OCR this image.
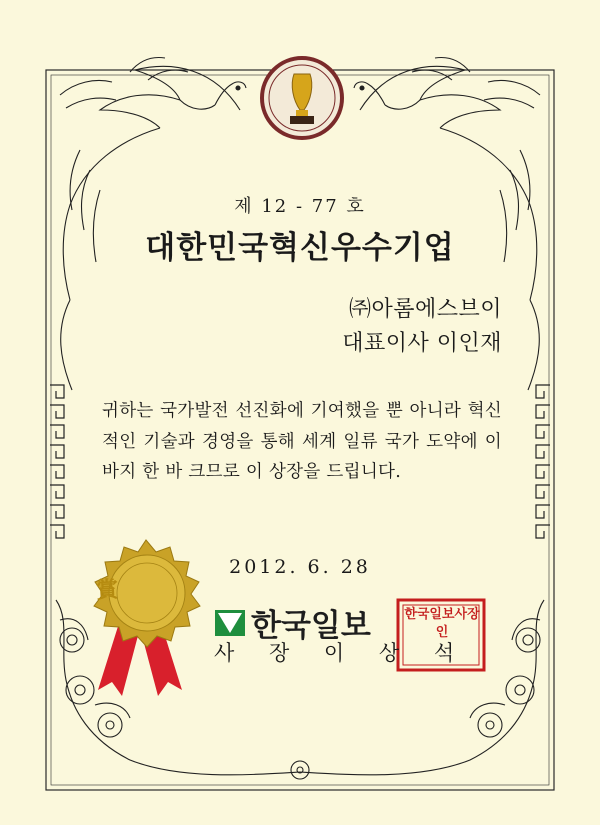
제 12 - 77 호
대한민국혁신우수기업
㈜아롬에스브이
대표이사 이인재
귀하는 국가발전 선진화에 기여했을 뿐 아니라 혁신적인 기술과 경영을 통해 세계 일류 국가 도약에 이바지 한 바 크므로 이 상장을 드립니다.
2012. 6. 28
賞
한국일보
사 장 이 상 석
한국일보사장인
